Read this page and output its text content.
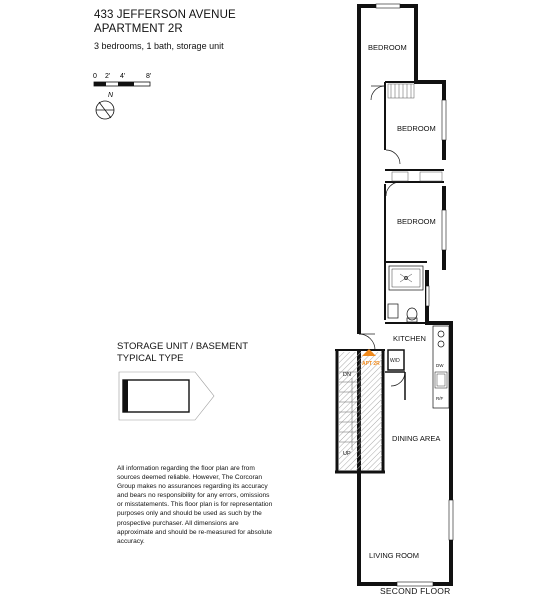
433 JEFFERSON AVENUE
APARTMENT 2R
3 bedrooms, 1 bath, storage unit
0 2' 4'	8'
N
STORAGE UNIT / BASEMENT
TYPICAL TYPE
All information regarding the floor plan are from sources deemed reliable. However, The Corcoran Group makes no assurances regarding its accuracy and bears no responsibility for any errors, omissions or misstatements. This floor plan is for representation purposes only and should be used as such by the prospective purchaser. All dimensions are approximate and should be re-measured for absolute accuracy.
BEDROOM
BEDROOM
BEDROOM
KITCHEN
DINING AREA
LIVING ROOM
W/D
DW
R/F
DN
UP
APT 2R
SECOND FLOOR
